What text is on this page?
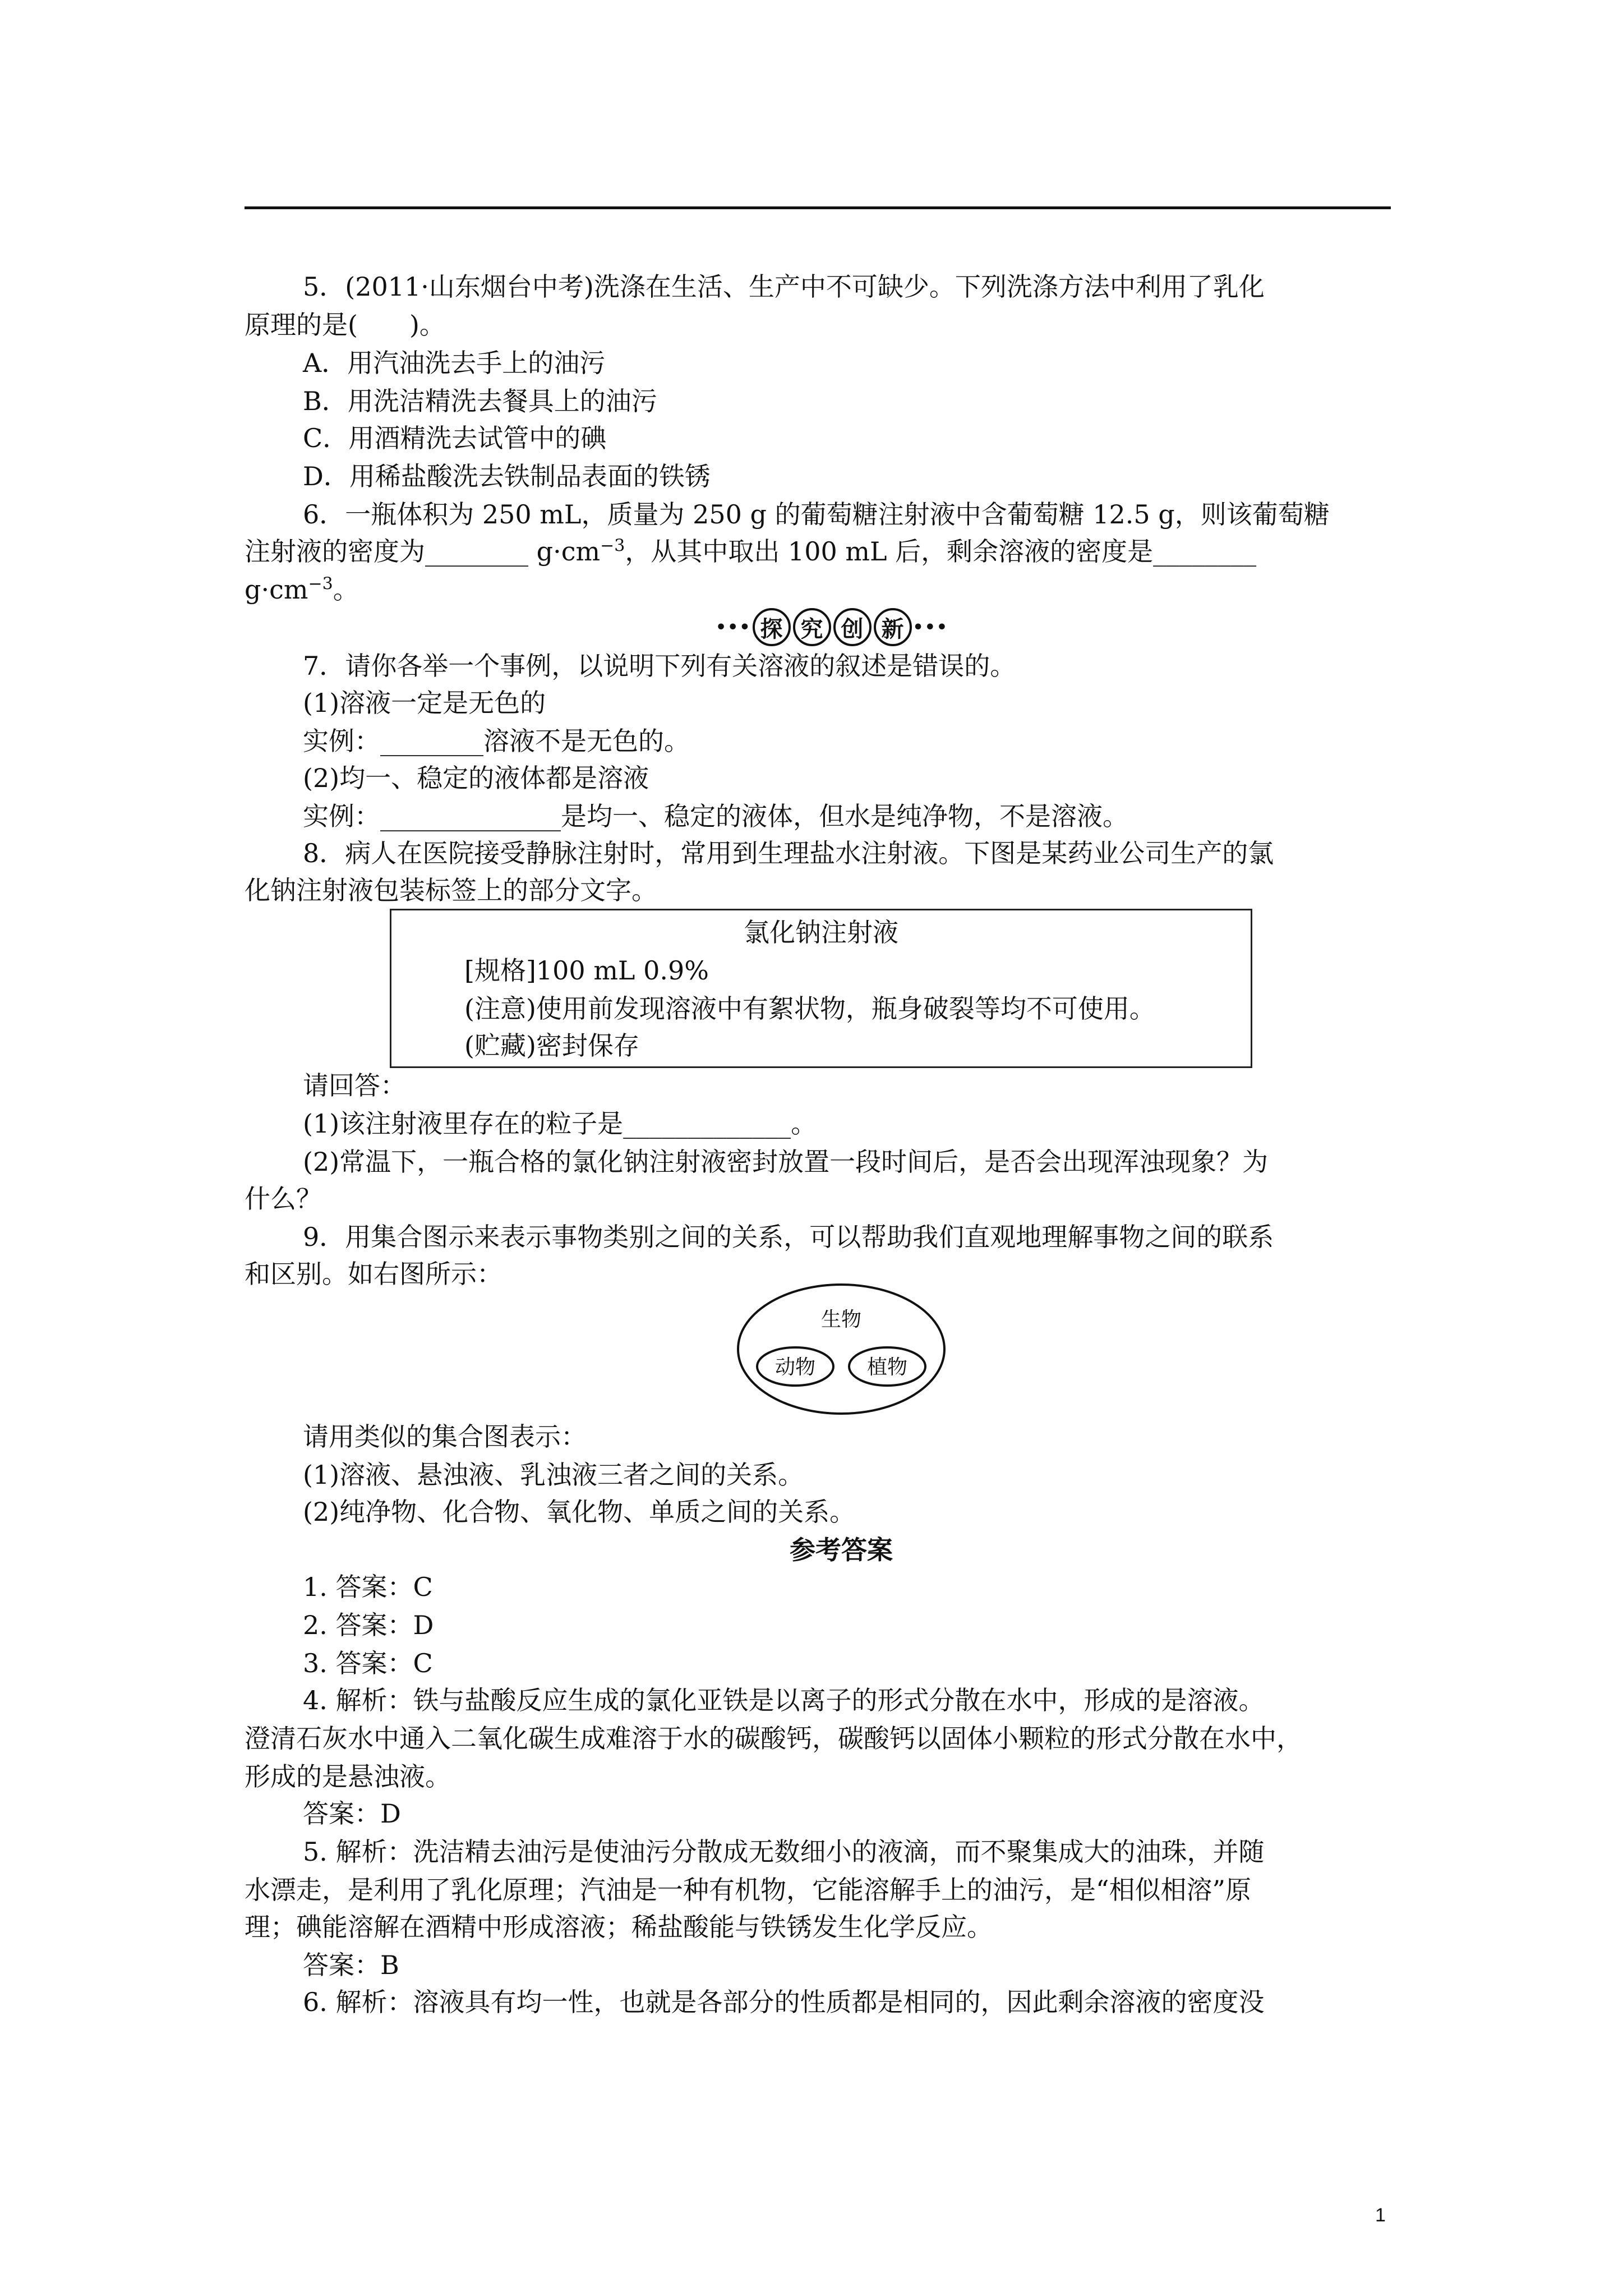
5．(2011·山东烟台中考)洗涤在生活、生产中不可缺少。下列洗涤方法中利用了乳化
原理的是(　　)。
A．用汽油洗去手上的油污
B．用洗洁精洗去餐具上的油污
C．用酒精洗去试管中的碘
D．用稀盐酸洗去铁制品表面的铁锈
6．一瓶体积为 250 mL，质量为 250 g 的葡萄糖注射液中含葡萄糖 12.5 g，则该葡萄糖
注射液的密度为________ $g\cdot cm^{-3}$，从其中取出 100 mL 后，剩余溶液的密度是________
$g\cdot cm^{-3}$。
••• 探 究 创 新 •••
7．请你各举一个事例，以说明下列有关溶液的叙述是错误的。
(1)溶液一定是无色的
实例：________溶液不是无色的。
(2)均一、稳定的液体都是溶液
实例：______________是均一、稳定的液体，但水是纯净物，不是溶液。
8．病人在医院接受静脉注射时，常用到生理盐水注射液。下图是某药业公司生产的氯
化钠注射液包装标签上的部分文字。
氯化钠注射液
[规格]100 mL 0.9%
(注意)使用前发现溶液中有絮状物，瓶身破裂等均不可使用。
(贮藏)密封保存
请回答：
(1)该注射液里存在的粒子是_____________。
(2)常温下，一瓶合格的氯化钠注射液密封放置一段时间后，是否会出现浑浊现象？为
什么？
9．用集合图示来表示事物类别之间的关系，可以帮助我们直观地理解事物之间的联系
和区别。如右图所示：
生物
动物	植物
请用类似的集合图表示：
(1)溶液、悬浊液、乳浊液三者之间的关系。
(2)纯净物、化合物、氧化物、单质之间的关系。
参考答案
1. 答案：C
2. 答案：D
3. 答案：C
4. 解析：铁与盐酸反应生成的氯化亚铁是以离子的形式分散在水中，形成的是溶液。
澄清石灰水中通入二氧化碳生成难溶于水的碳酸钙，碳酸钙以固体小颗粒的形式分散在水中，
形成的是悬浊液。
答案：D
5. 解析：洗洁精去油污是使油污分散成无数细小的液滴，而不聚集成大的油珠，并随
水漂走，是利用了乳化原理；汽油是一种有机物，它能溶解手上的油污，是“相似相溶”原
理；碘能溶解在酒精中形成溶液；稀盐酸能与铁锈发生化学反应。
答案：B
6. 解析：溶液具有均一性，也就是各部分的性质都是相同的，因此剩余溶液的密度没
1
